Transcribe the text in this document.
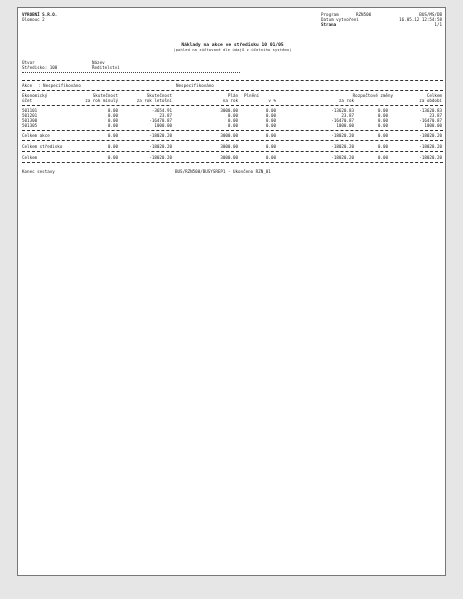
VÝROBNÍ S.R.O.
Olomouc 2
Program
Datum vytvoření
Strana
RZN500	BUS/MS/DB
16.05.12 12:54:58
1/1
Náklady na akce ve středisku 10 01/05
(pohled na zúčtované dle údajů z účetního systému)
Útvar	Název
Středisko: 100	Ředitelství
Akce : Nespecifikováno	Nespecifikováno
Ekonomický	Skutečnost	Skutečnost	Plán Plnění	Rozpočtové změny	Celkem
účet	za rok minulý	za rok letošní	na rok	v %	za rok	za období
501101	0.00	-3654.91	3000.00	0.00	-13620.83	0.00	-13620.83
501201	0.00	23.87	0.00	0.00	23.87	0.00	23.87
501300	0.00	-16470.87	0.00	0.00	-16470.87	0.00	-16470.87
501305	0.00	1000.00	0.00	0.00	1000.00	0.00	1000.00
Celkem akce	0.00	-18020.20	3000.00	0.00	-18020.20	0.00	-18020.20
Celkem středisko	0.00	-18020.20	3000.00	0.00	-18020.20	0.00	-18020.20
Celkem	0.00	-18020.20	3000.00	0.00	-18020.20	0.00	-18020.20
Konec sestavy	BUS/RZN500/BUSYSREP1 - Ukončeno RZN_01
